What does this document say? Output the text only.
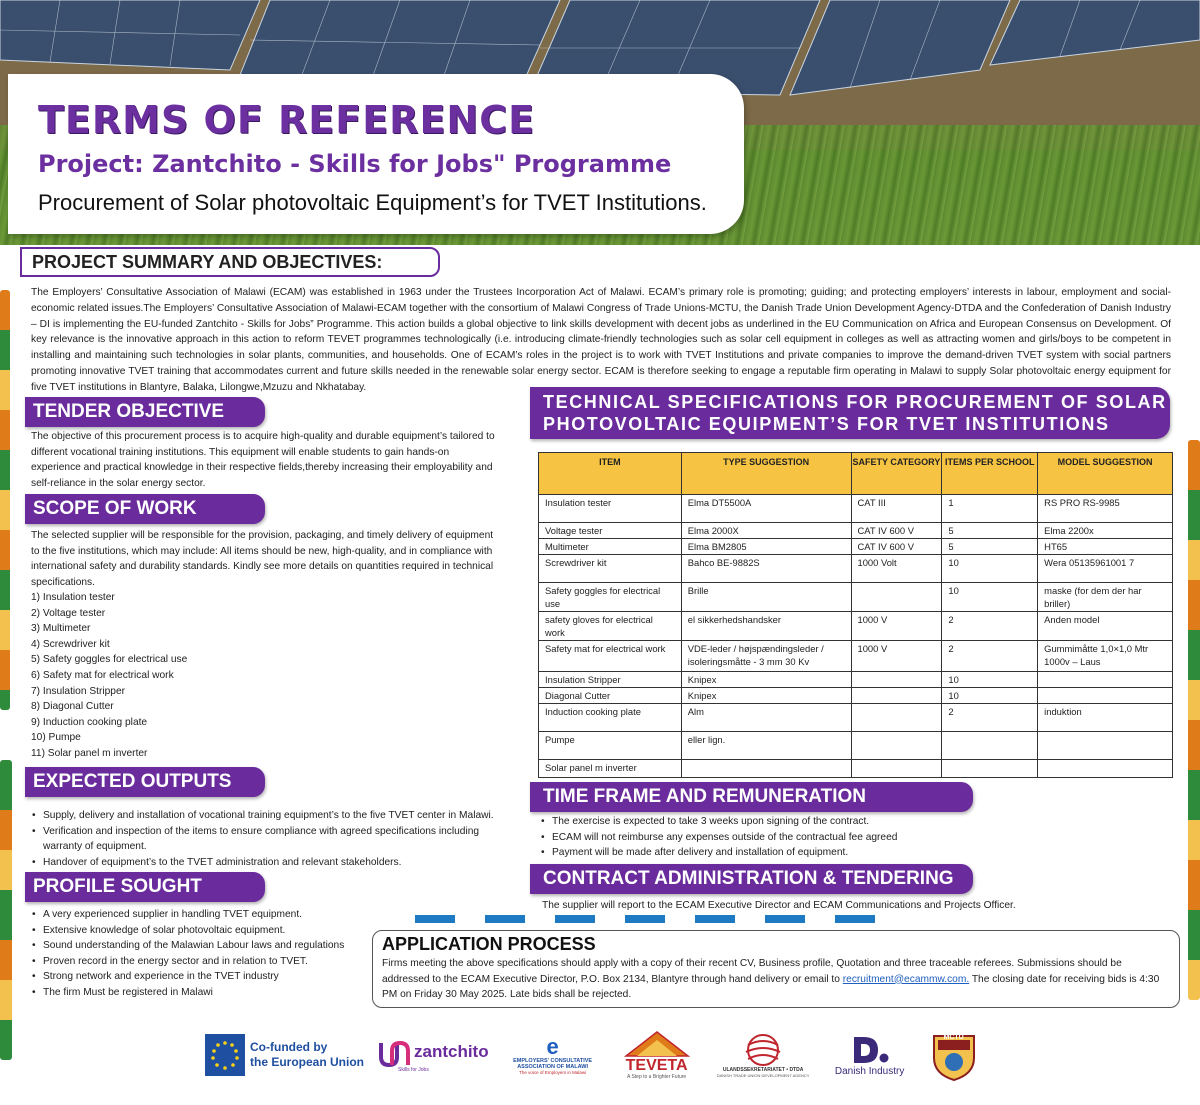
TERMS OF REFERENCE
Project: Zantchito - Skills for Jobs" Programme
Procurement of Solar photovoltaic Equipment’s for TVET Institutions.
PROJECT SUMMARY AND OBJECTIVES:
The Employers’ Consultative Association of Malawi (ECAM) was established in 1963 under the Trustees Incorporation Act of Malawi. ECAM’s primary role is promoting; guiding; and protecting employers’ interests in labour, employment and social-economic related issues.The Employers’ Consultative Association of Malawi-ECAM together with the consortium of Malawi Congress of Trade Unions-MCTU, the Danish Trade Union Development Agency-DTDA and the Confederation of Danish Industry – DI is implementing the EU-funded Zantchito - Skills for Jobs” Programme. This action builds a global objective to link skills development with decent jobs as underlined in the EU Communication on Africa and European Consensus on Development. Of key relevance is the innovative approach in this action to reform TEVET programmes technologically (i.e. introducing climate-friendly technologies such as solar cell equipment in colleges as well as attracting women and girls/boys to be competent in installing and maintaining such technologies in solar plants, communities, and households. One of ECAM’s roles in the project is to work with TVET Institutions and private companies to improve the demand-driven TVET system with social partners promoting innovative TVET training that accommodates current and future skills needed in the renewable solar energy sector. ECAM is therefore seeking to engage a reputable firm operating in Malawi to supply Solar photovoltaic energy equipment for five TVET institutions in Blantyre, Balaka, Lilongwe,Mzuzu and Nkhatabay.
TENDER OBJECTIVE
The objective of this procurement process is to acquire high-quality and durable equipment’s tailored to different vocational training institutions. This equipment will enable students to gain hands-on experience and practical knowledge in their respective fields,thereby increasing their employability and self-reliance in the solar energy sector.
SCOPE OF WORK
The selected supplier will be responsible for the provision, packaging, and timely delivery of equipment to the five institutions, which may include: All items should be new, high-quality, and in compliance with international safety and durability standards. Kindly see more details on quantities required in technical specifications.
1) Insulation tester
2) Voltage tester
3) Multimeter
4) Screwdriver kit
5) Safety goggles for electrical use
6) Safety mat for electrical work
7) Insulation Stripper
8) Diagonal Cutter
9) Induction cooking plate
10) Pumpe
11) Solar panel m inverter
EXPECTED OUTPUTS
• Supply, delivery and installation of vocational training equipment’s to the five TVET center in Malawi.
• Verification and inspection of the items to ensure compliance with agreed specifications including warranty of equipment.
• Handover of equipment’s to the TVET administration and relevant stakeholders.
PROFILE SOUGHT
• A very experienced supplier in handling TVET equipment.
• Extensive knowledge of solar photovoltaic equipment.
• Sound understanding of the Malawian Labour laws and regulations
• Proven record in the energy sector and in relation to TVET.
• Strong network and experience in the TVET industry
• The firm Must be registered in Malawi
TECHNICAL SPECIFICATIONS FOR PROCUREMENT OF SOLAR
PHOTOVOLTAIC EQUIPMENT’S FOR TVET INSTITUTIONS
ITEM	TYPE SUGGESTION	SAFETY CATEGORY	ITEMS PER SCHOOL	MODEL SUGGESTION
Insulation tester	Elma DT5500A	CAT III	1	RS PRO RS-9985
Voltage tester	Elma 2000X	CAT IV 600 V	5	Elma 2200x
Multimeter	Elma BM2805	CAT IV 600 V	5	HT65
Screwdriver kit	Bahco BE-9882S	1000 Volt	10	Wera 05135961001 7
Safety goggles for electrical use	Brille		10	maske (for dem der har briller)
safety gloves for electrical work	el sikkerhedshandsker	1000 V	2	Anden model
Safety mat for electrical work	VDE-leder / højspændingsleder / isoleringsmåtte - 3 mm 30 Kv	1000 V	2	Gummimåtte 1,0×1,0 Mtr 1000v – Laus
Insulation Stripper	Knipex		10	
Diagonal Cutter	Knipex		10	
Induction cooking plate	Alm		2	induktion
Pumpe	eller lign.			
Solar panel m inverter				
TIME FRAME AND REMUNERATION
• The exercise is expected to take 3 weeks upon signing of the contract.
• ECAM will not reimburse any expenses outside of the contractual fee agreed
• Payment will be made after delivery and installation of equipment.
CONTRACT ADMINISTRATION & TENDERING
The supplier will report to the ECAM Executive Director and ECAM Communications and Projects Officer.
APPLICATION PROCESS
Firms meeting the above specifications should apply with a copy of their recent CV, Business profile, Quotation and three traceable referees. Submissions should be addressed to the ECAM Executive Director, P.O. Box 2134, Blantyre through hand delivery or email to recruitment@ecammw.com. The closing date for receiving bids is 4:30 PM on Friday 30 May 2025. Late bids shall be rejected.
Co-funded by
the European Union
zantchito
Skills for Jobs
e
EMPLOYERS' CONSULTATIVE
ASSOCIATION OF MALAWI
The voice of Employers in Malawi TEVETA
A Step to a Brighter Future
ULANDSSEKRETARIATET • DTDA
DANISH TRADE UNION DEVELOPMENT AGENCY	Danish Industry
MCTU
